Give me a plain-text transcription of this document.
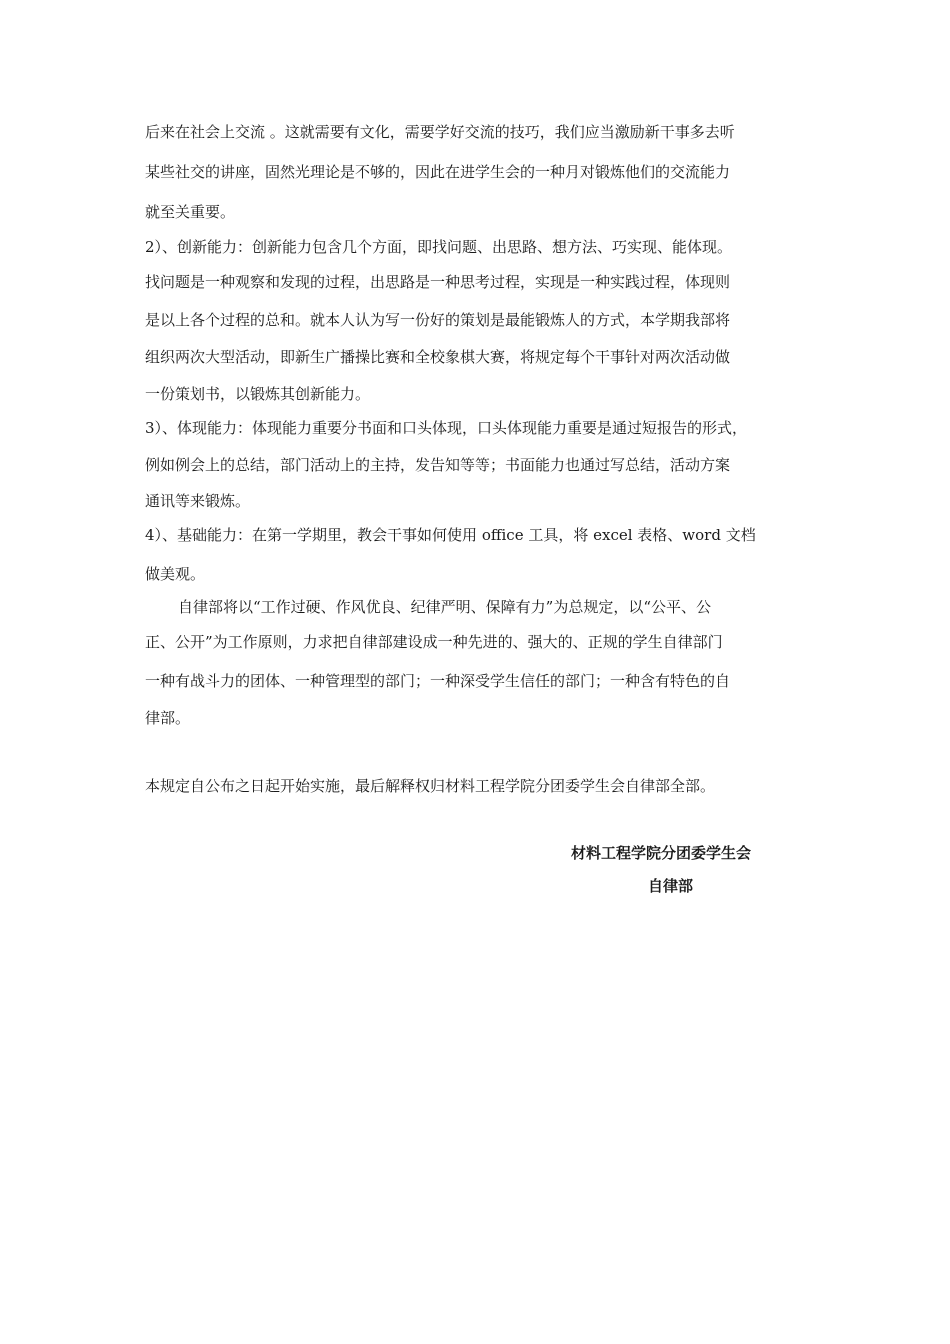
后来在社会上交流 。这就需要有文化，需要学好交流的技巧，我们应当激励新干事多去听
某些社交的讲座，固然光理论是不够的，因此在进学生会的一种月对锻炼他们的交流能力
就至关重要。
2）、创新能力：创新能力包含几个方面，即找问题、出思路、想方法、巧实现、能体现。
找问题是一种观察和发现的过程，出思路是一种思考过程，实现是一种实践过程，体现则
是以上各个过程的总和。就本人认为写一份好的策划是最能锻炼人的方式，本学期我部将
组织两次大型活动，即新生广播操比赛和全校象棋大赛，将规定每个干事针对两次活动做
一份策划书，以锻炼其创新能力。
3）、体现能力：体现能力重要分书面和口头体现，口头体现能力重要是通过短报告的形式，
例如例会上的总结，部门活动上的主持，发告知等等；书面能力也通过写总结，活动方案
通讯等来锻炼。
4）、基础能力：在第一学期里，教会干事如何使用 office 工具，将 excel 表格、word 文档
做美观。
自律部将以“工作过硬、作风优良、纪律严明、保障有力”为总规定，以“公平、公
正、公开”为工作原则，力求把自律部建设成一种先进的、强大的、正规的学生自律部门
一种有战斗力的团体、一种管理型的部门；一种深受学生信任的部门；一种含有特色的自
律部。
本规定自公布之日起开始实施，最后解释权归材料工程学院分团委学生会自律部全部。
材料工程学院分团委学生会
自律部
